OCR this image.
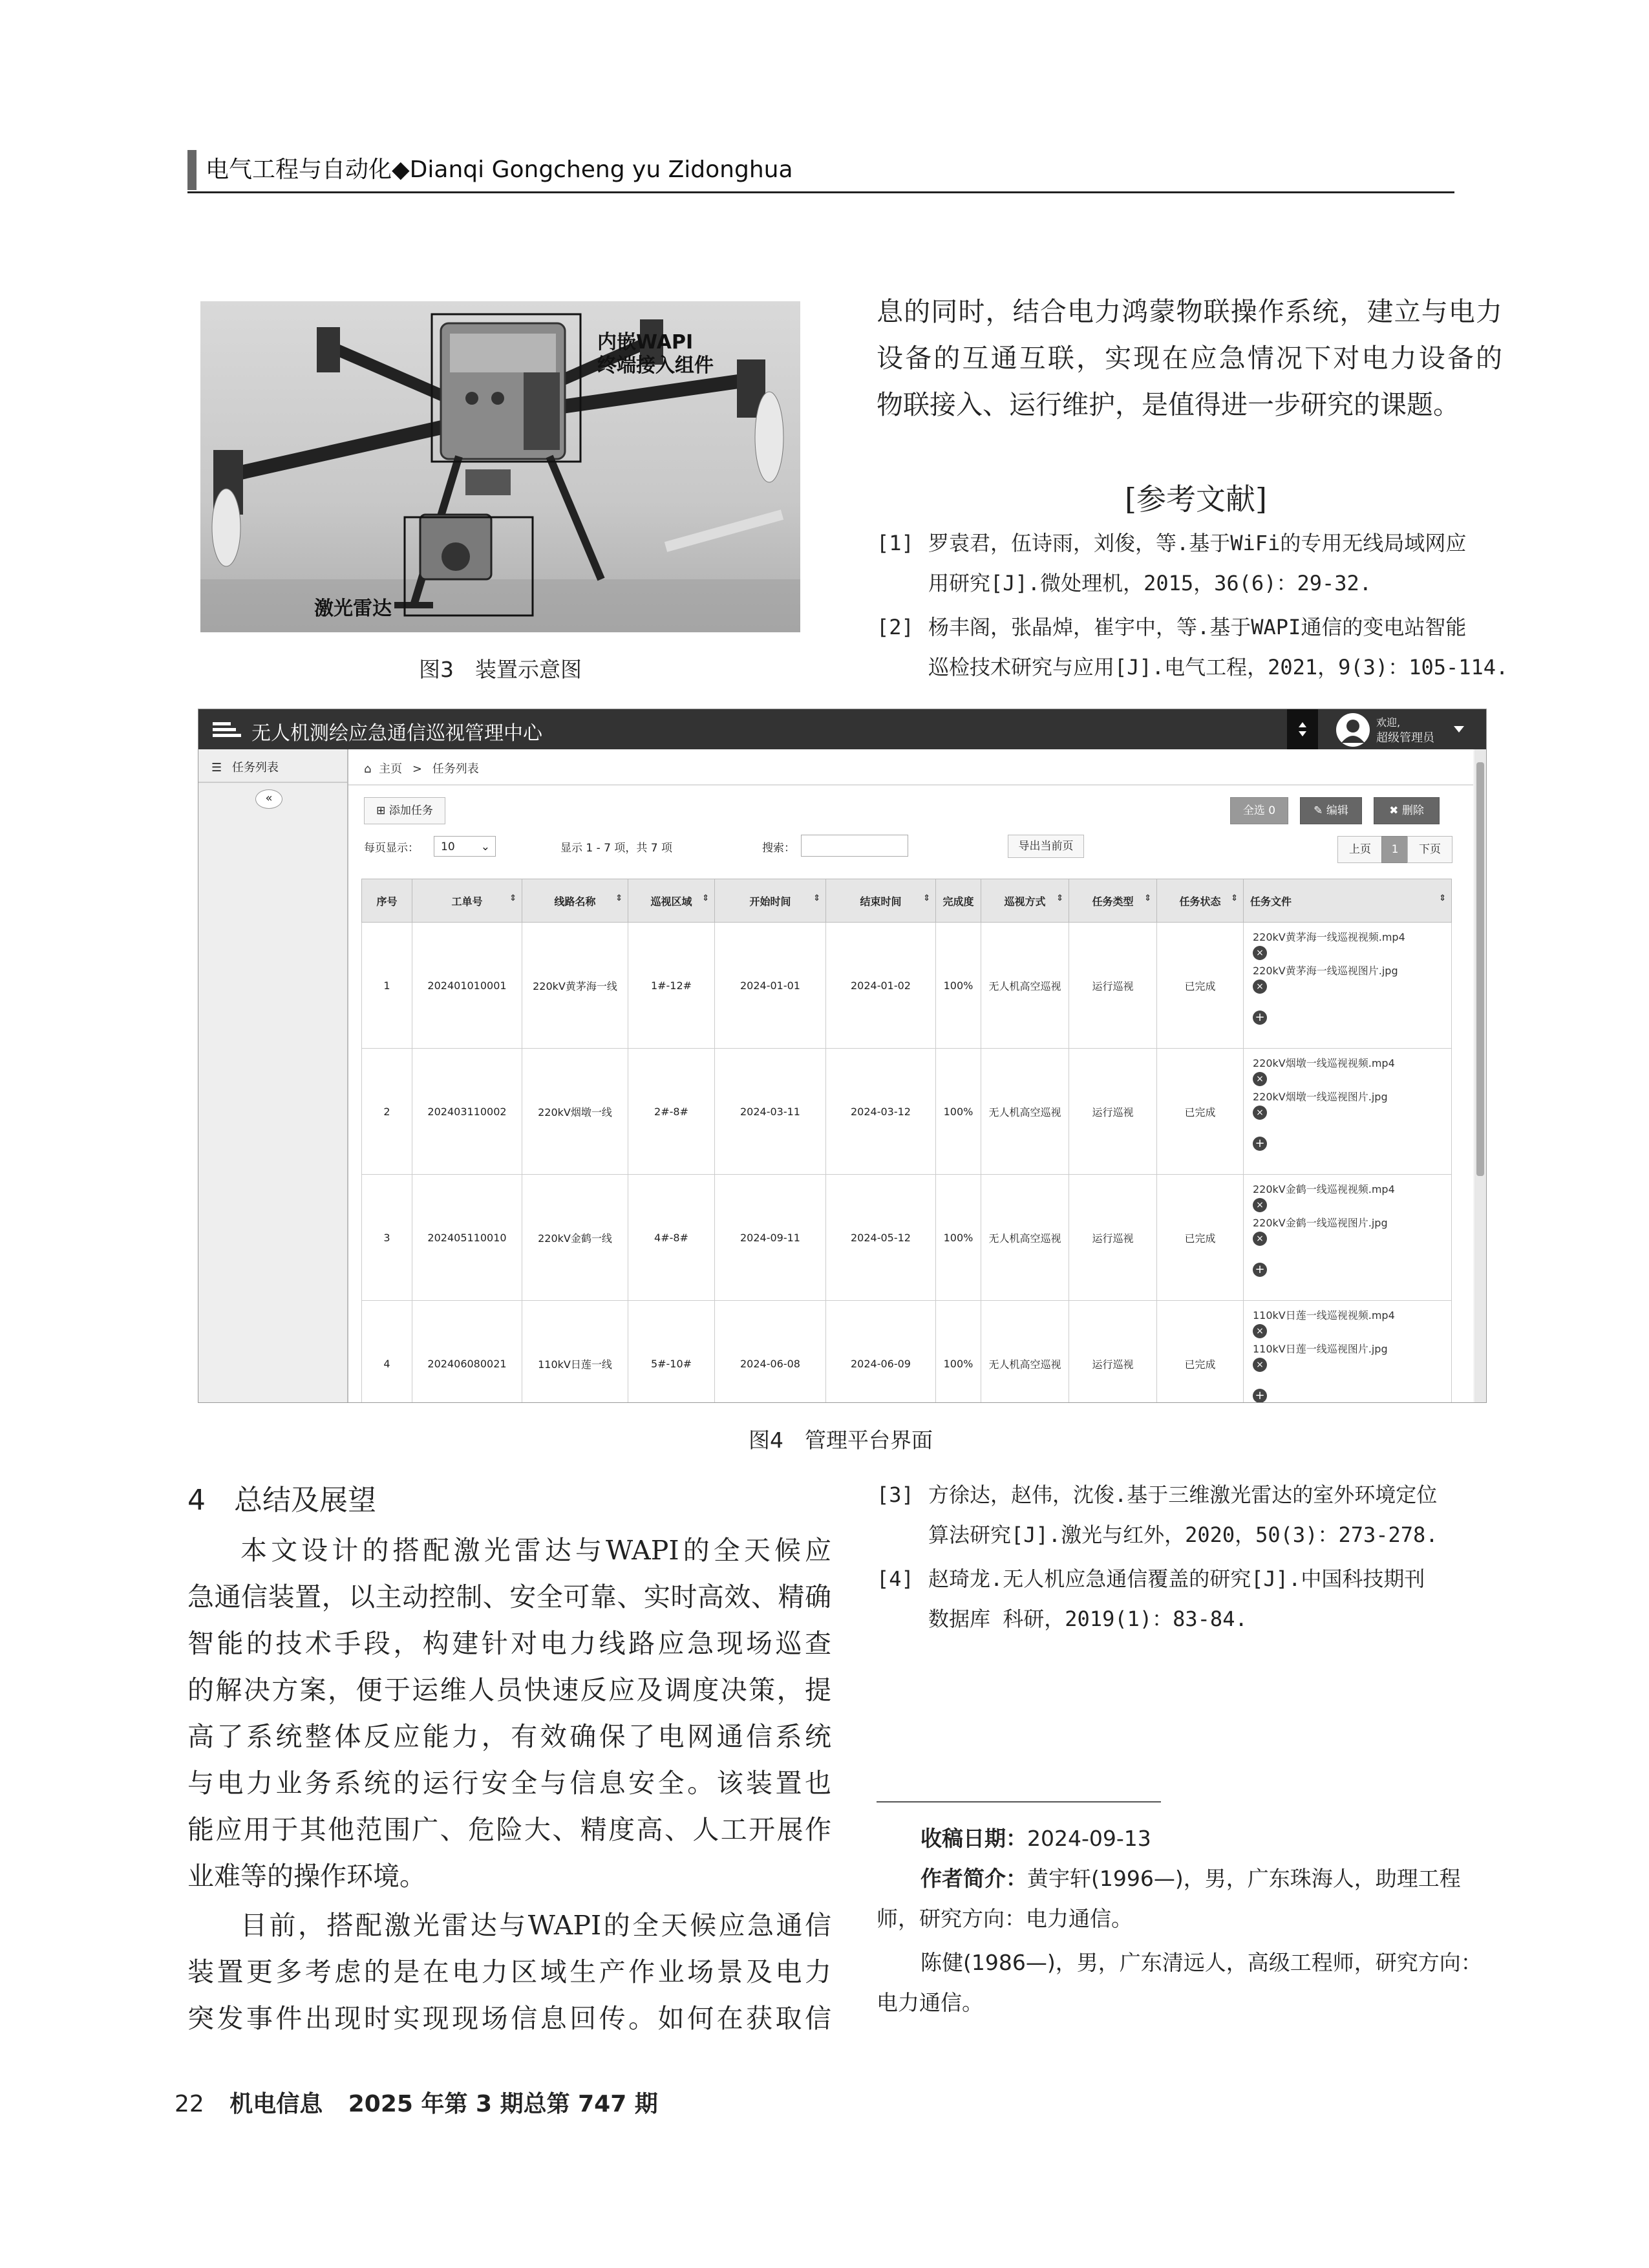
电气工程与自动化◆Dianqi Gongcheng yu Zidonghua
内嵌WAPI
终端接入组件
激光雷达
图3　装置示意图
息的同时，结合电力鸿蒙物联操作系统，建立与电力
设备的互通互联，实现在应急情况下对电力设备的
物联接入、运行维护，是值得进一步研究的课题。
[参考文献]
[1] 罗袁君，伍诗雨，刘俊，等.基于WiFi的专用无线局域网应
用研究[J].微处理机，2015，36(6)：29-32.
[2] 杨丰阁，张晶焯，崔宇中，等.基于WAPI通信的变电站智能
巡检技术研究与应用[J].电气工程，2021，9(3)：105-114.
无人机测绘应急通信巡视管理中心	欢迎,
超级管理员
☰ 任务列表
«
⌂ 主页 > 任务列表
⊞ 添加任务	全选 0	✎ 编辑	✖ 删除
每页显示：	10 ⌄	显示 1 - 7 项，共 7 项	搜索：	导出当前页	上页	1	下页
序号	工单号 ⇕	线路名称 ⇕	巡视区域 ⇕	开始时间 ⇕	结束时间 ⇕	完成度	巡视方式 ⇕	任务类型 ⇕	任务状态 ⇕	任务文件 ⇕

1	202401010001	220kV黄茅海一线	1#-12#	2024-01-01	2024-01-02	100%	无人机高空巡视	运行巡视	已完成	220kV黄茅海一线巡视视频.mp4
×
220kV黄茅海一线巡视图片.jpg
×
+
2	202403110002	220kV烟墩一线	2#-8#	2024-03-11	2024-03-12	100%	无人机高空巡视	运行巡视	已完成	220kV烟墩一线巡视视频.mp4
×
220kV烟墩一线巡视图片.jpg
×
+
3	202405110010	220kV金鹤一线	4#-8#	2024-09-11	2024-05-12	100%	无人机高空巡视	运行巡视	已完成	220kV金鹤一线巡视视频.mp4
×
220kV金鹤一线巡视图片.jpg
×
+
4	202406080021	110kV日莲一线	5#-10#	2024-06-08	2024-06-09	100%	无人机高空巡视	运行巡视	已完成	110kV日莲一线巡视视频.mp4
×
110kV日莲一线巡视图片.jpg
×
+
图4　管理平台界面
4　总结及展望
本文设计的搭配激光雷达与WAPI的全天候应
急通信装置，以主动控制、安全可靠、实时高效、精确
智能的技术手段，构建针对电力线路应急现场巡查
的解决方案，便于运维人员快速反应及调度决策，提
高了系统整体反应能力，有效确保了电网通信系统
与电力业务系统的运行安全与信息安全。该装置也
能应用于其他范围广、危险大、精度高、人工开展作
业难等的操作环境。
目前，搭配激光雷达与WAPI的全天候应急通信
装置更多考虑的是在电力区域生产作业场景及电力
突发事件出现时实现现场信息回传。如何在获取信
[3] 方徐达，赵伟，沈俊.基于三维激光雷达的室外环境定位
算法研究[J].激光与红外，2020，50(3)：273-278.
[4] 赵琦龙.无人机应急通信覆盖的研究[J].中国科技期刊
数据库 科研，2019(1)：83-84.
收稿日期：2024-09-13
作者简介：黄宇轩(1996—)，男，广东珠海人，助理工程
师，研究方向：电力通信。
陈健(1986—)，男，广东清远人，高级工程师，研究方向：
电力通信。
22 机电信息 2025 年第 3 期总第 747 期
